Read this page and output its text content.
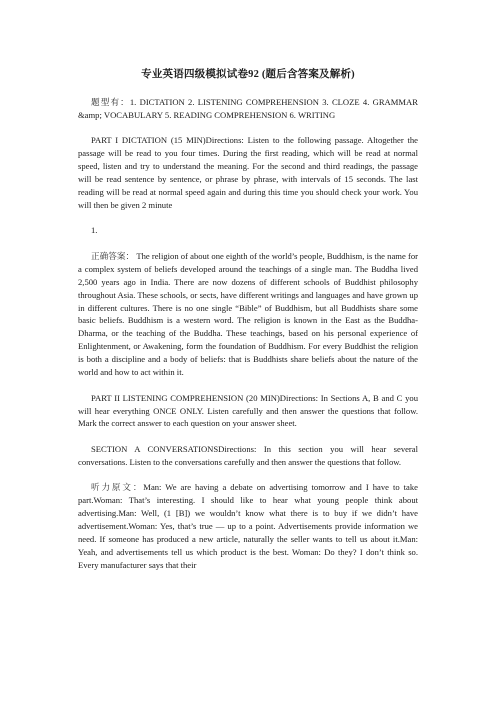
专业英语四级模拟试卷92 (题后含答案及解析)

题型有：1. DICTATION 2. LISTENING COMPREHENSION 3. CLOZE 4. GRAMMAR &amp; VOCABULARY 5. READING COMPREHENSION 6. WRITING

PART I DICTATION (15 MIN)Directions: Listen to the following passage. Altogether the passage will be read to you four times. During the first reading, which will be read at normal speed, listen and try to understand the meaning. For the second and third readings, the passage will be read sentence by sentence, or phrase by phrase, with intervals of 15 seconds. The last reading will be read at normal speed again and during this time you should check your work. You will then be given 2 minute

1.

正确答案： The religion of about one eighth of the world’s people, Buddhism, is the name for a complex system of beliefs developed around the teachings of a single man. The Buddha lived 2,500 years ago in India. There are now dozens of different schools of Buddhist philosophy throughout Asia. These schools, or sects, have different writings and languages and have grown up in different cultures. There is no one single “Bible” of Buddhism, but all Buddhists share some basic beliefs. Buddhism is a western word. The religion is known in the East as the Buddha-Dharma, or the teaching of the Buddha. These teachings, based on his personal experience of Enlightenment, or Awakening, form the foundation of Buddhism. For every Buddhist the religion is both a discipline and a body of beliefs: that is Buddhists share beliefs about the nature of the world and how to act within it.

PART II LISTENING COMPREHENSION (20 MIN)Directions: In Sections A, B and C you will hear everything ONCE ONLY. Listen carefully and then answer the questions that follow. Mark the correct answer to each question on your answer sheet.

SECTION A CONVERSATIONSDirections: In this section you will hear several conversations. Listen to the conversations carefully and then answer the questions that follow.

听力原文：Man: We are having a debate on advertising tomorrow and I have to take part.Woman: That’s interesting. I should like to hear what young people think about advertising.Man: Well, (1 [B]) we wouldn’t know what there is to buy if we didn’t have advertisement.Woman: Yes, that’s true — up to a point. Advertisements provide information we need. If someone has produced a new article, naturally the seller wants to tell us about it.Man: Yeah, and advertisements tell us which product is the best. Woman: Do they? I don’t think so. Every manufacturer says that their
